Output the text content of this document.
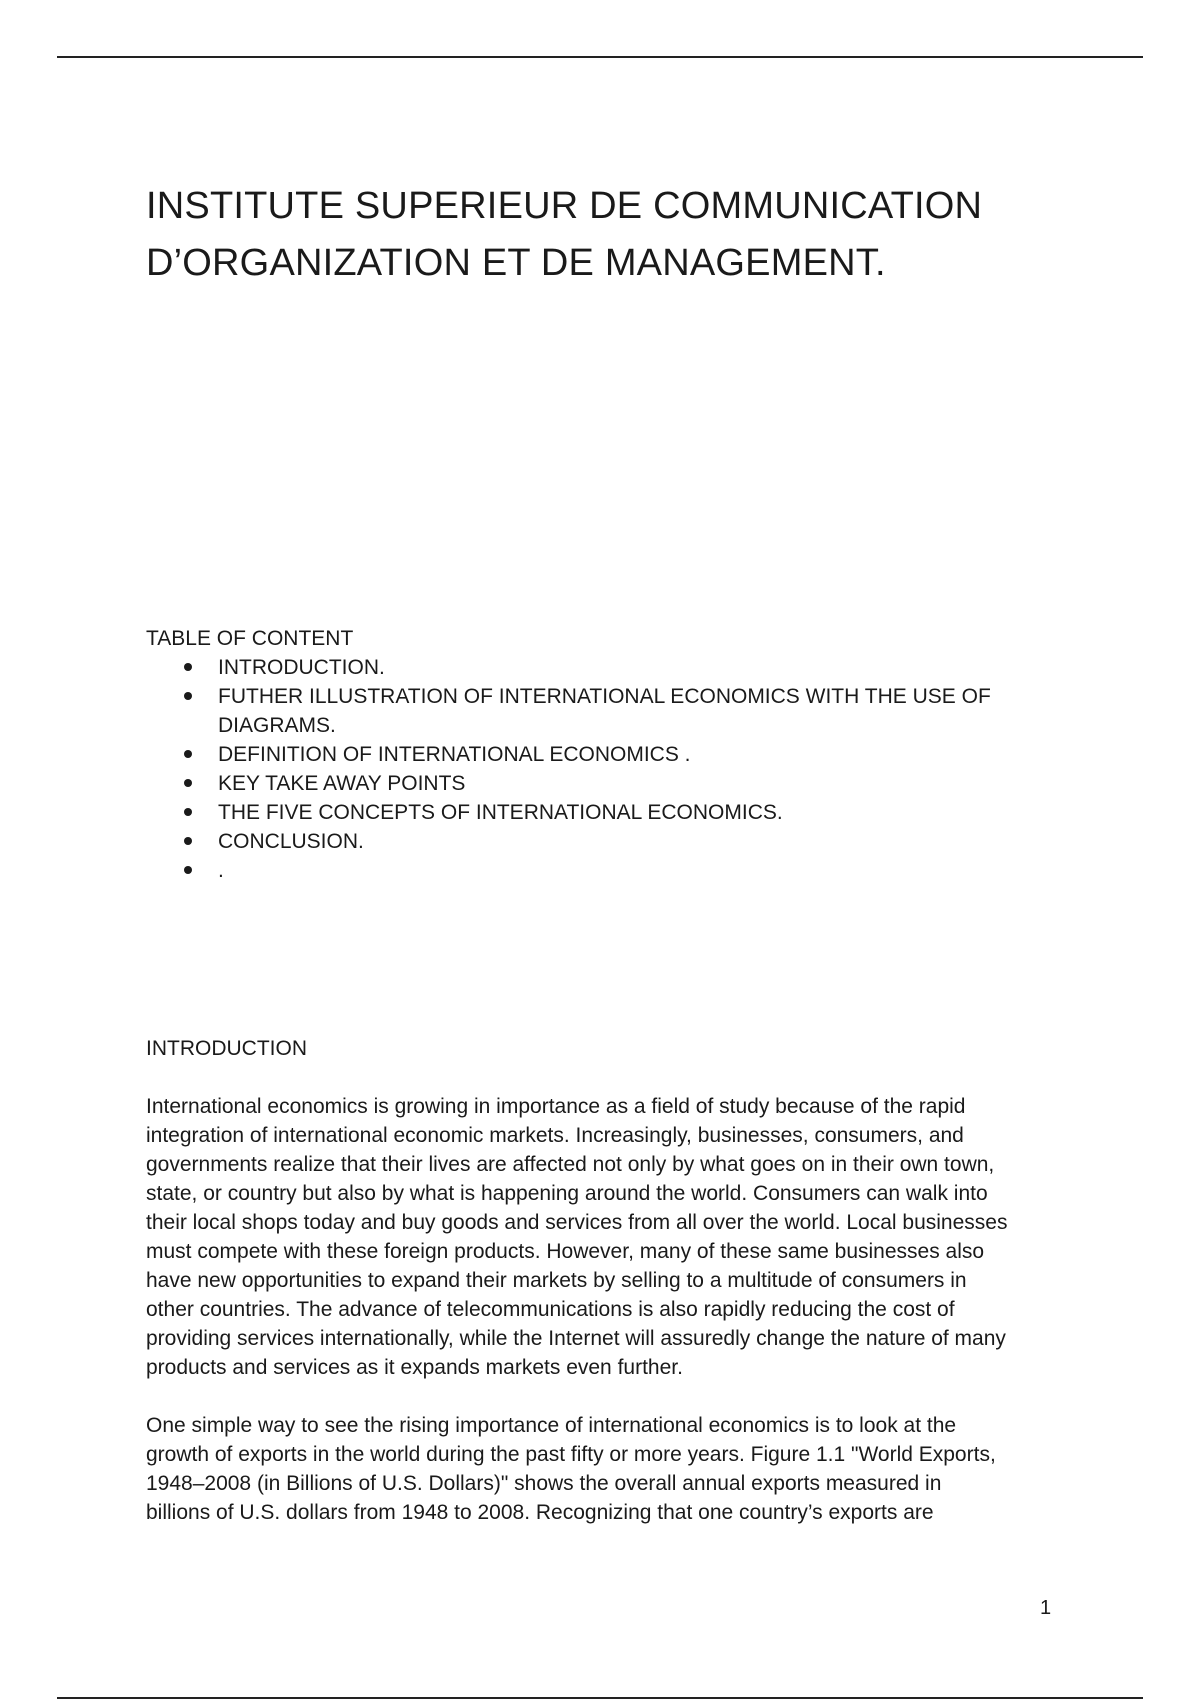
INSTITUTE SUPERIEUR DE COMMUNICATION
D’ORGANIZATION ET DE MANAGEMENT.
TABLE OF CONTENT
INTRODUCTION.
FUTHER ILLUSTRATION OF INTERNATIONAL ECONOMICS WITH THE USE OF
DIAGRAMS.
DEFINITION OF INTERNATIONAL ECONOMICS .
KEY TAKE AWAY POINTS
THE FIVE CONCEPTS OF INTERNATIONAL ECONOMICS.
CONCLUSION.
.
INTRODUCTION

International economics is growing in importance as a field of study because of the rapid
integration of international economic markets. Increasingly, businesses, consumers, and
governments realize that their lives are affected not only by what goes on in their own town,
state, or country but also by what is happening around the world. Consumers can walk into
their local shops today and buy goods and services from all over the world. Local businesses
must compete with these foreign products. However, many of these same businesses also
have new opportunities to expand their markets by selling to a multitude of consumers in
other countries. The advance of telecommunications is also rapidly reducing the cost of
providing services internationally, while the Internet will assuredly change the nature of many
products and services as it expands markets even further.

One simple way to see the rising importance of international economics is to look at the
growth of exports in the world during the past fifty or more years. Figure 1.1 "World Exports,
1948–2008 (in Billions of U.S. Dollars)" shows the overall annual exports measured in
billions of U.S. dollars from 1948 to 2008. Recognizing that one country’s exports are

1
